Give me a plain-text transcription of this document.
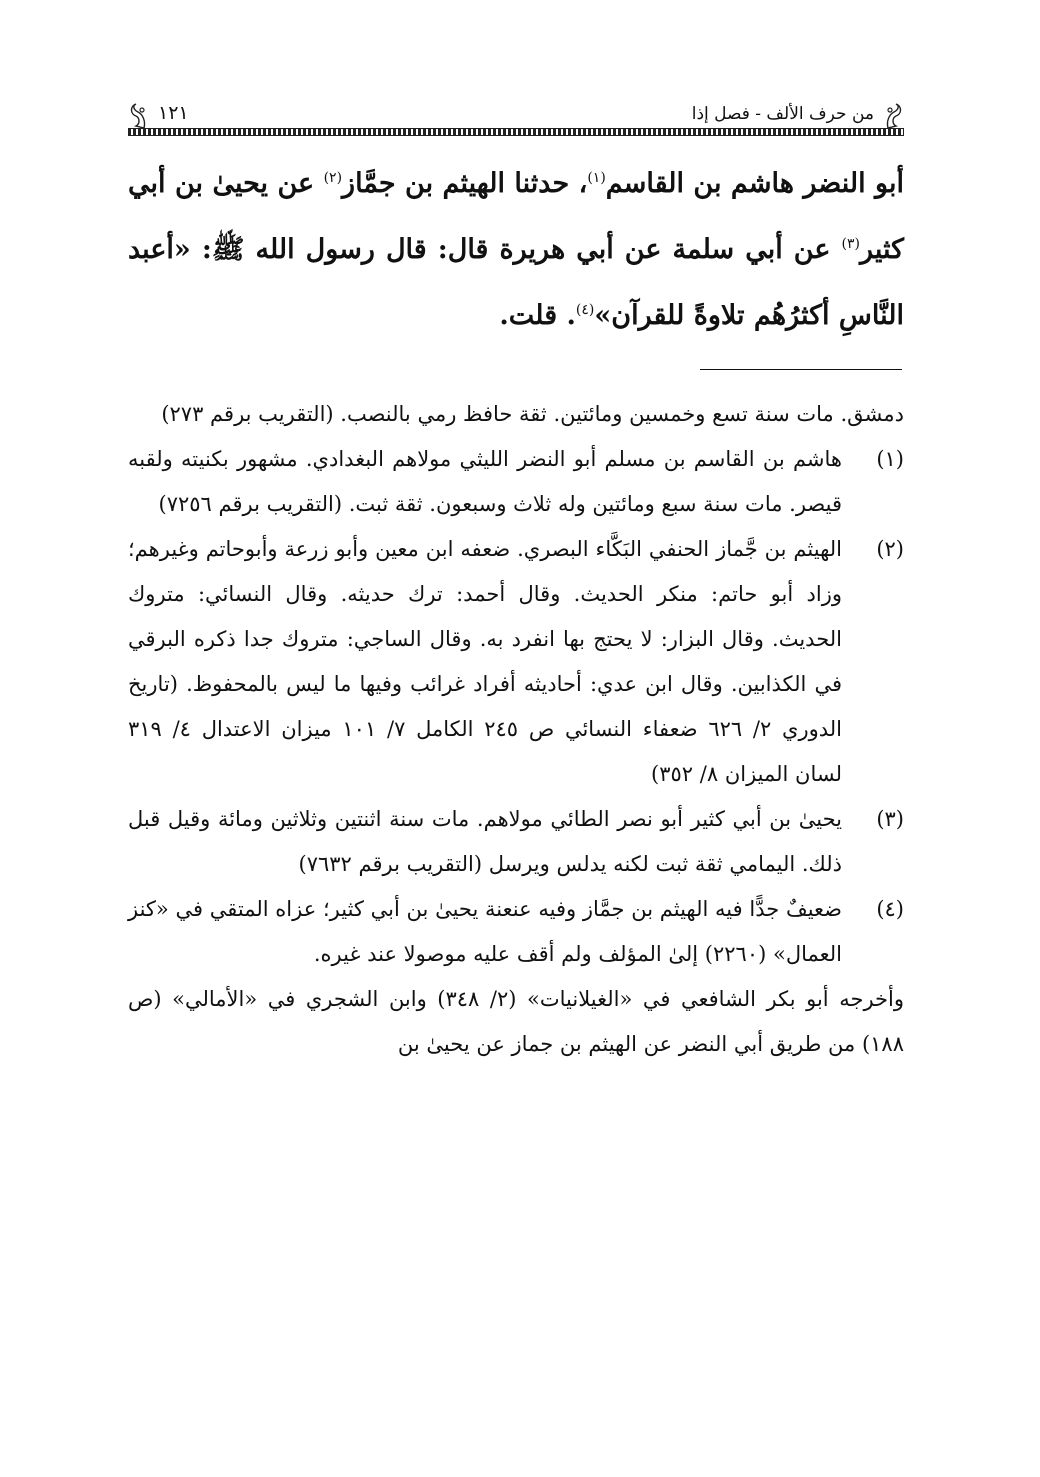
من حرف الألف - فصل إذا
١٢١
أبو النضر هاشم بن القاسم$^{(١)}$، حدثنا الهيثم بن جمَّاز$^{(٢)}$ عن يحيىٰ بن أبي كثير$^{(٣)}$ عن أبي سلمة عن أبي هريرة قال: قال رسول الله ﷺ: «أعبد النَّاسِ أكثرُهُم تلاوةً للقرآن»$^{(٤)}$. قلت.
دمشق. مات سنة تسع وخمسين ومائتين. ثقة حافظ رمي بالنصب. (التقريب برقم ٢٧٣)
(١)
هاشم بن القاسم بن مسلم أبو النضر الليثي مولاهم البغدادي. مشهور بكنيته ولقبه قيصر. مات سنة سبع ومائتين وله ثلاث وسبعون. ثقة ثبت. (التقريب برقم ٧٢٥٦)
(٢)
الهيثم بن جَّماز الحنفي البَكَّاء البصري. ضعفه ابن معين وأبو زرعة وأبوحاتم وغيرهم؛ وزاد أبو حاتم: منكر الحديث. وقال أحمد: ترك حديثه. وقال النسائي: متروك الحديث. وقال البزار: لا يحتج بها انفرد به. وقال الساجي: متروك جدا ذكره البرقي في الكذابين. وقال ابن عدي: أحاديثه أفراد غرائب وفيها ما ليس بالمحفوظ. (تاريخ الدوري ٢/ ٦٢٦ ضعفاء النسائي ص ٢٤٥ الكامل ٧/ ١٠١ ميزان الاعتدال ٤/ ٣١٩ لسان الميزان ٨/ ٣٥٢)
(٣)
يحيىٰ بن أبي كثير أبو نصر الطائي مولاهم. مات سنة اثنتين وثلاثين ومائة وقيل قبل ذلك. اليمامي ثقة ثبت لكنه يدلس ويرسل (التقريب برقم ٧٦٣٢)
(٤)
ضعيفٌ جدًّا فيه الهيثم بن جمَّاز وفيه عنعنة يحيىٰ بن أبي كثير؛ عزاه المتقي في «كنز العمال» (٢٢٦٠) إلىٰ المؤلف ولم أقف عليه موصولا عند غيره.
وأخرجه أبو بكر الشافعي في «الغيلانيات» (٢/ ٣٤٨) وابن الشجري في «الأمالي» (ص ١٨٨) من طريق أبي النضر عن الهيثم بن جماز عن يحيىٰ بن
